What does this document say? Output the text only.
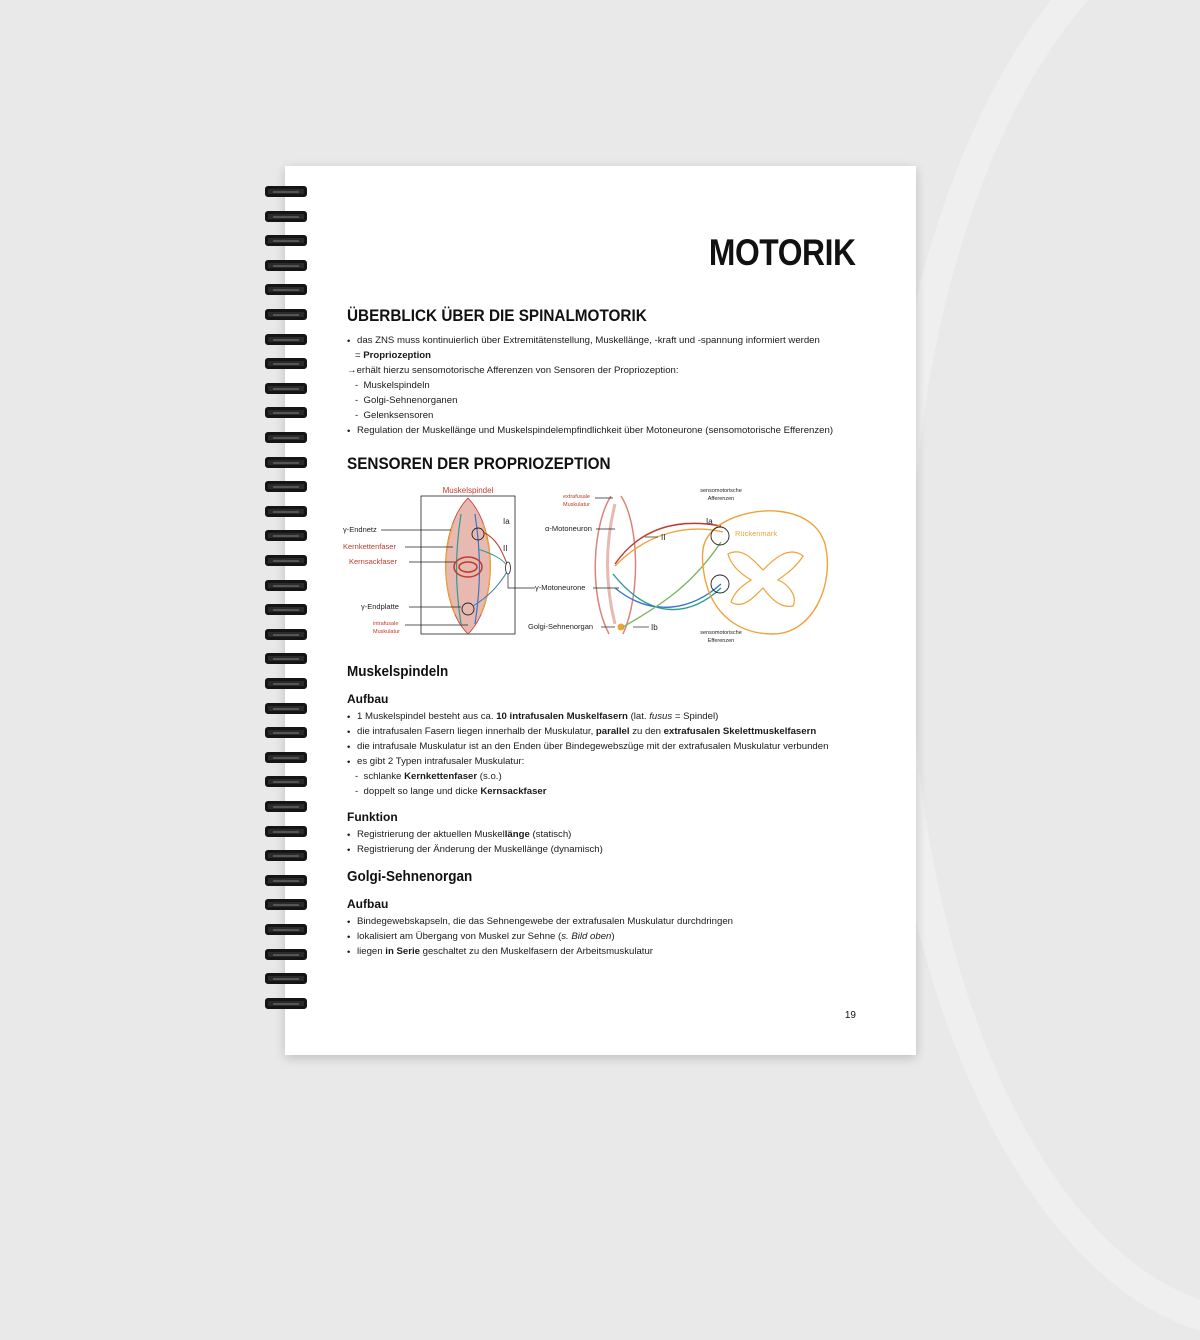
MOTORIK
ÜBERBLICK ÜBER DIE SPINALMOTORIK
• das ZNS muss kontinuierlich über Extremitätenstellung, Muskellänge, -kraft und -spannung informiert werden
= Propriozeption
→erhält hierzu sensomotorische Afferenzen von Sensoren der Propriozeption:
-  Muskelspindeln
-  Golgi-Sehnenorganen
-  Gelenksensoren
• Regulation der Muskellänge und Muskelspindelempfindlichkeit über Motoneurone (sensomotorische Efferenzen)
SENSOREN DER PROPRIOZEPTION
Muskelspindel
Ia
II
γ-Endnetz
Kernkettenfaser
Kernsackfaser
γ-Endplatte
intrafusale
Muskulatur
extrafusale
Muskulatur
α-Motoneuron
γ-Motoneurone
Golgi-Sehnenorgan
Ia
II
Ib
Rückenmark
sensomotorische
Afferenzen
sensomotorische
Efferenzen
Muskelspindeln
Aufbau
• 1 Muskelspindel besteht aus ca. 10 intrafusalen Muskelfasern (lat. fusus = Spindel)
• die intrafusalen Fasern liegen innerhalb der Muskulatur, parallel zu den extrafusalen Skelettmuskelfasern
• die intrafusale Muskulatur ist an den Enden über Bindegewebszüge mit der extrafusalen Muskulatur verbunden
• es gibt 2 Typen intrafusaler Muskulatur:
-  schlanke Kernkettenfaser (s.o.)
-  doppelt so lange und dicke Kernsackfaser
Funktion
• Registrierung der aktuellen Muskellänge (statisch)
• Registrierung der Änderung der Muskellänge (dynamisch)
Golgi-Sehnenorgan
Aufbau
• Bindegewebskapseln, die das Sehnengewebe der extrafusalen Muskulatur durchdringen
• lokalisiert am Übergang von Muskel zur Sehne (s. Bild oben)
• liegen in Serie geschaltet zu den Muskelfasern der Arbeitsmuskulatur
19
